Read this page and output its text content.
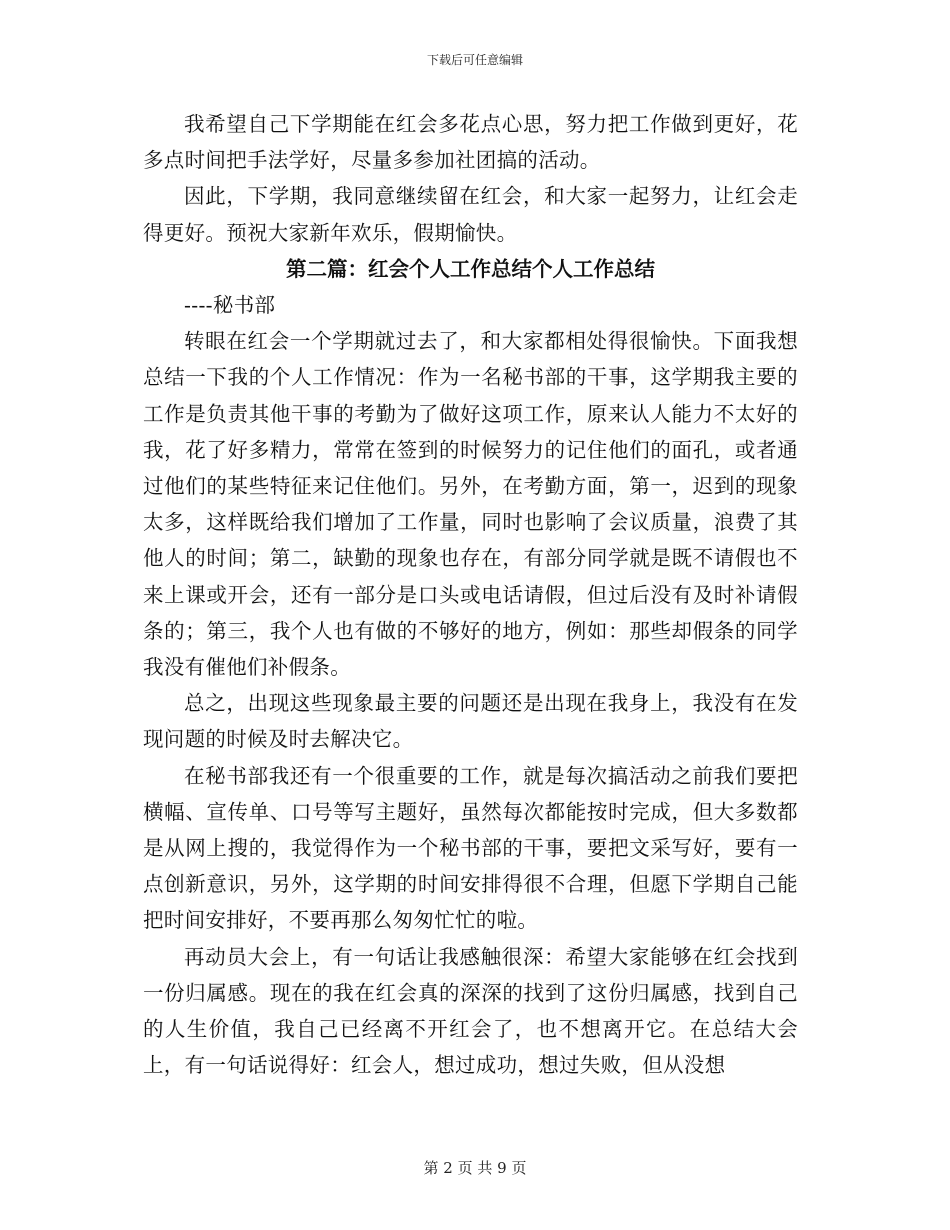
下载后可任意编辑

我希望自己下学期能在红会多花点心思，努力把工作做到更好，花多点时间把手法学好，尽量多参加社团搞的活动。

因此，下学期，我同意继续留在红会，和大家一起努力，让红会走得更好。预祝大家新年欢乐，假期愉快。

第二篇：红会个人工作总结个人工作总结

----秘书部

转眼在红会一个学期就过去了，和大家都相处得很愉快。下面我想总结一下我的个人工作情况：作为一名秘书部的干事，这学期我主要的工作是负责其他干事的考勤为了做好这项工作，原来认人能力不太好的我，花了好多精力，常常在签到的时候努力的记住他们的面孔，或者通过他们的某些特征来记住他们。另外，在考勤方面，第一，迟到的现象太多，这样既给我们增加了工作量，同时也影响了会议质量，浪费了其他人的时间；第二，缺勤的现象也存在，有部分同学就是既不请假也不来上课或开会，还有一部分是口头或电话请假，但过后没有及时补请假条的；第三，我个人也有做的不够好的地方，例如：那些却假条的同学我没有催他们补假条。

总之，出现这些现象最主要的问题还是出现在我身上，我没有在发现问题的时候及时去解决它。

在秘书部我还有一个很重要的工作，就是每次搞活动之前我们要把横幅、宣传单、口号等写主题好，虽然每次都能按时完成，但大多数都是从网上搜的，我觉得作为一个秘书部的干事，要把文采写好，要有一点创新意识，另外，这学期的时间安排得很不合理，但愿下学期自己能把时间安排好，不要再那么匆匆忙忙的啦。

再动员大会上，有一句话让我感触很深：希望大家能够在红会找到一份归属感。现在的我在红会真的深深的找到了这份归属感，找到自己的人生价值，我自己已经离不开红会了，也不想离开它。在总结大会上，有一句话说得好：红会人，想过成功，想过失败，但从没想

第 2 页 共 9 页
